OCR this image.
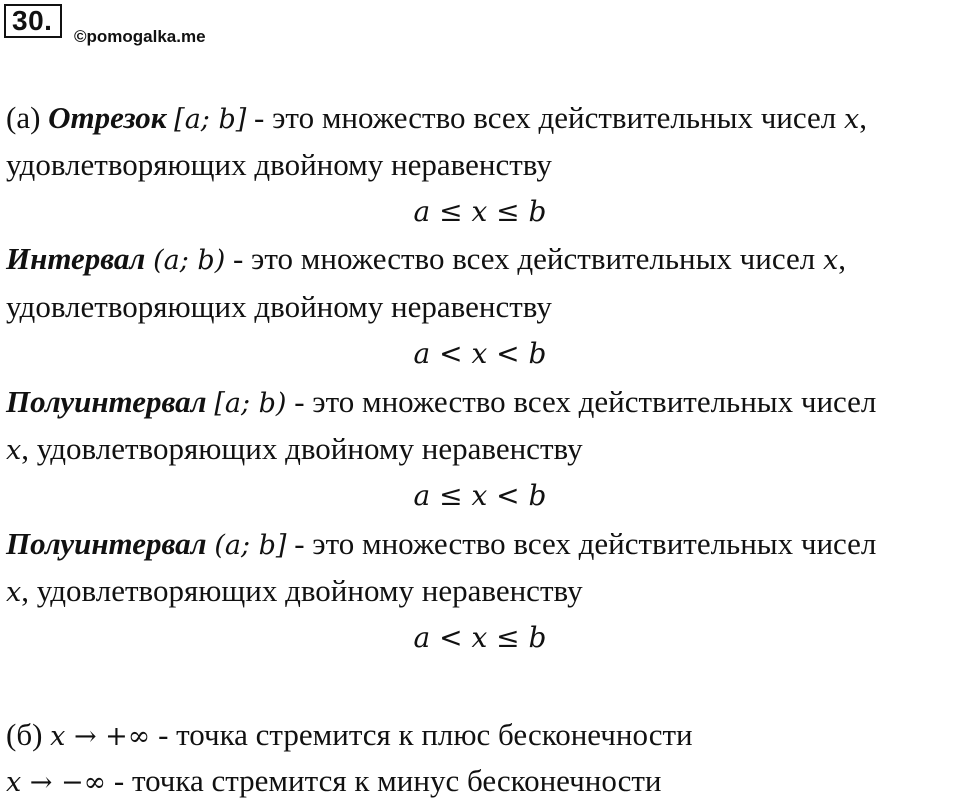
30.
©pomogalka.me
(а) Отрезок [a; b] - это множество всех действительных чисел x,
удовлетворяющих двойному неравенству
a ≤ x ≤ b
Интервал (a; b) - это множество всех действительных чисел x,
удовлетворяющих двойному неравенству
a < x < b
Полуинтервал [a; b) - это множество всех действительных чисел
x, удовлетворяющих двойному неравенству
a ≤ x < b
Полуинтервал (a; b] - это множество всех действительных чисел
x, удовлетворяющих двойному неравенству
a < x ≤ b
(б) x → +∞ - точка стремится к плюс бесконечности
x → −∞ - точка стремится к минус бесконечности
